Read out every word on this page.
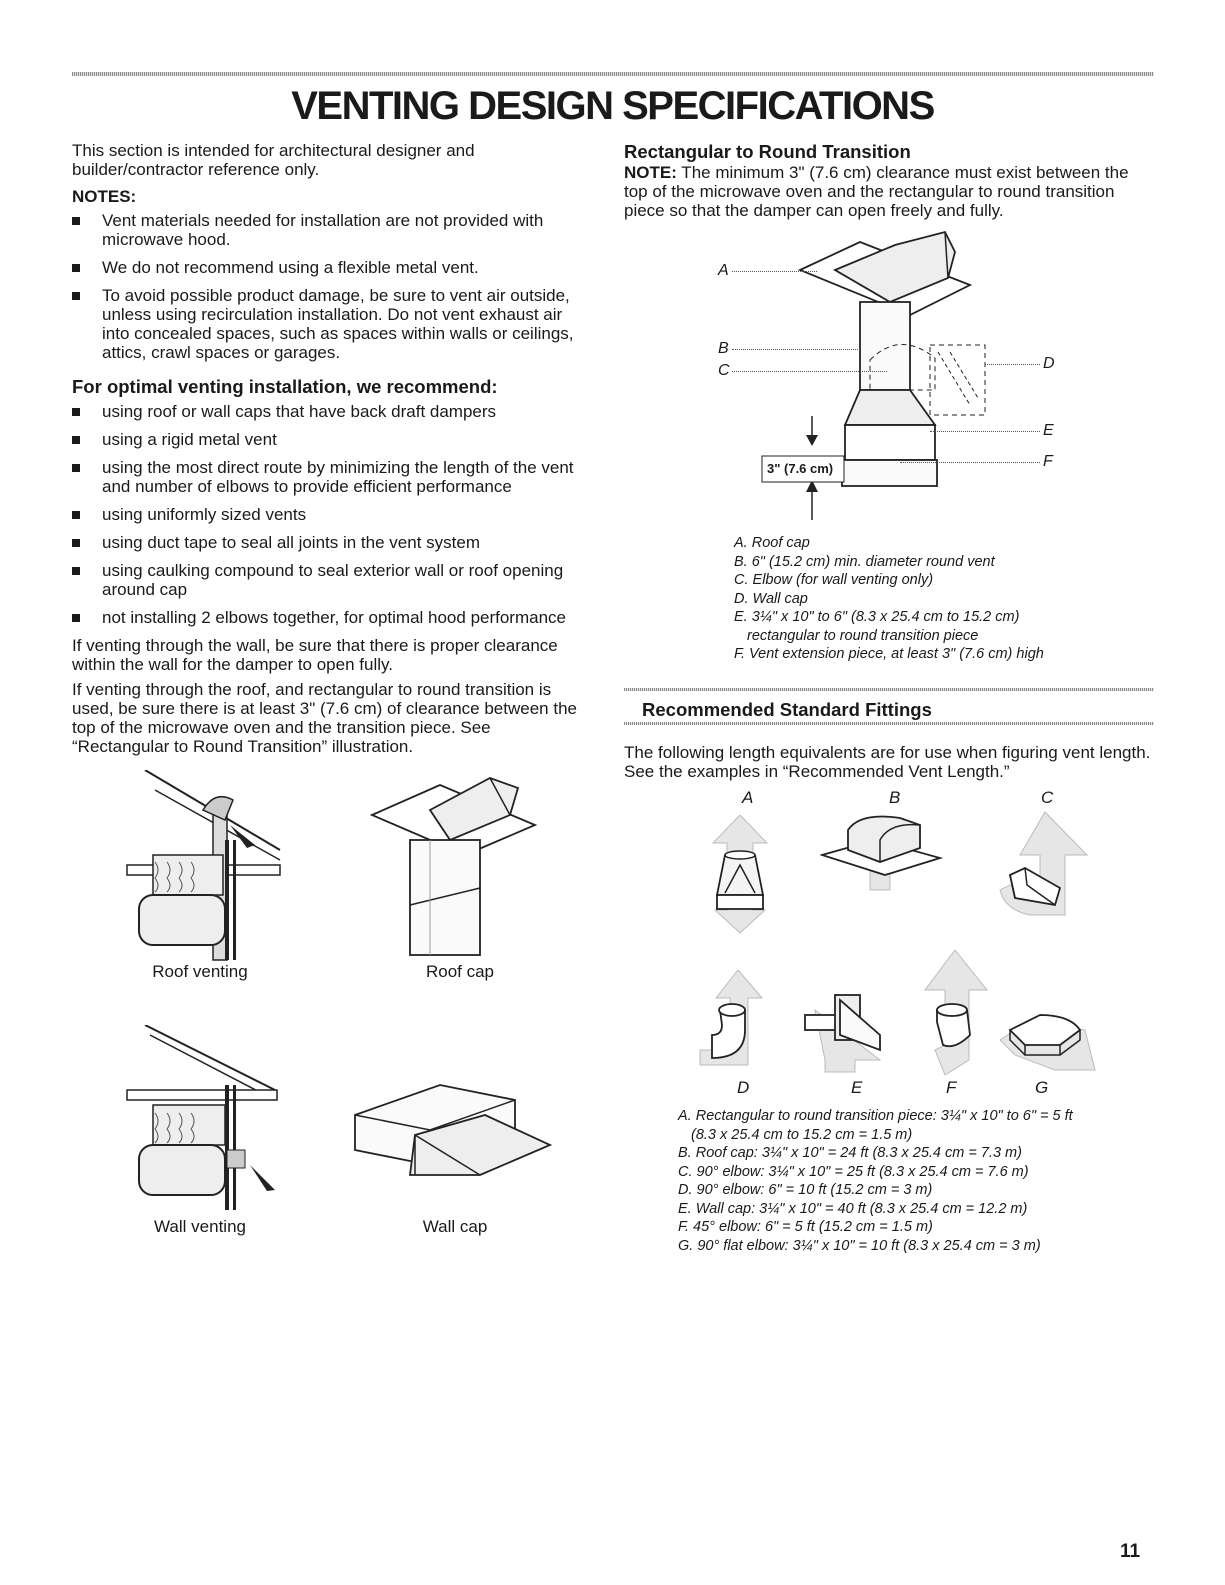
VENTING DESIGN SPECIFICATIONS

This section is intended for architectural designer and builder/contractor reference only.

NOTES:
Vent materials needed for installation are not provided with microwave hood.
We do not recommend using a flexible metal vent.
To avoid possible product damage, be sure to vent air outside, unless using recirculation installation. Do not vent exhaust air into concealed spaces, such as spaces within walls or ceilings, attics, crawl spaces or garages.
For optimal venting installation, we recommend:
using roof or wall caps that have back draft dampers
using a rigid metal vent
using the most direct route by minimizing the length of the vent and number of elbows to provide efficient performance
using uniformly sized vents
using duct tape to seal all joints in the vent system
using caulking compound to seal exterior wall or roof opening around cap
not installing 2 elbows together, for optimal hood performance

If venting through the wall, be sure that there is proper clearance within the wall for the damper to open fully.

If venting through the roof, and rectangular to round transition is used, be sure there is at least 3" (7.6 cm) of clearance between the top of the microwave oven and the transition piece. See “Rectangular to Round Transition” illustration.

Roof venting	Roof cap
Wall venting	Wall cap
Rectangular to Round Transition

NOTE: The minimum 3" (7.6 cm) clearance must exist between the top of the microwave oven and the rectangular to round transition piece so that the damper can open freely and fully.

3" (7.6 cm)
A
B
C	D
E
F
A. Roof cap
B. 6" (15.2 cm) min. diameter round vent
C. Elbow (for wall venting only)
D. Wall cap
E. 3¼" x 10" to 6" (8.3 x 25.4 cm to 15.2 cm)
rectangular to round transition piece
F. Vent extension piece, at least 3" (7.6 cm) high
Recommended Standard Fittings
The following length equivalents are for use when figuring vent length. See the examples in “Recommended Vent Length.”
A	B	C
D	E	F	G
A. Rectangular to round transition piece: 3¼" x 10" to 6" = 5 ft
(8.3 x 25.4 cm to 15.2 cm = 1.5 m)
B. Roof cap: 3¼" x 10" = 24 ft (8.3 x 25.4 cm = 7.3 m)
C. 90° elbow: 3¼" x 10" = 25 ft (8.3 x 25.4 cm = 7.6 m)
D. 90° elbow: 6" = 10 ft (15.2 cm = 3 m)
E. Wall cap: 3¼" x 10" = 40 ft (8.3 x 25.4 cm = 12.2 m)
F. 45° elbow: 6" = 5 ft (15.2 cm = 1.5 m)
G. 90° flat elbow: 3¼" x 10" = 10 ft (8.3 x 25.4 cm = 3 m)
11
